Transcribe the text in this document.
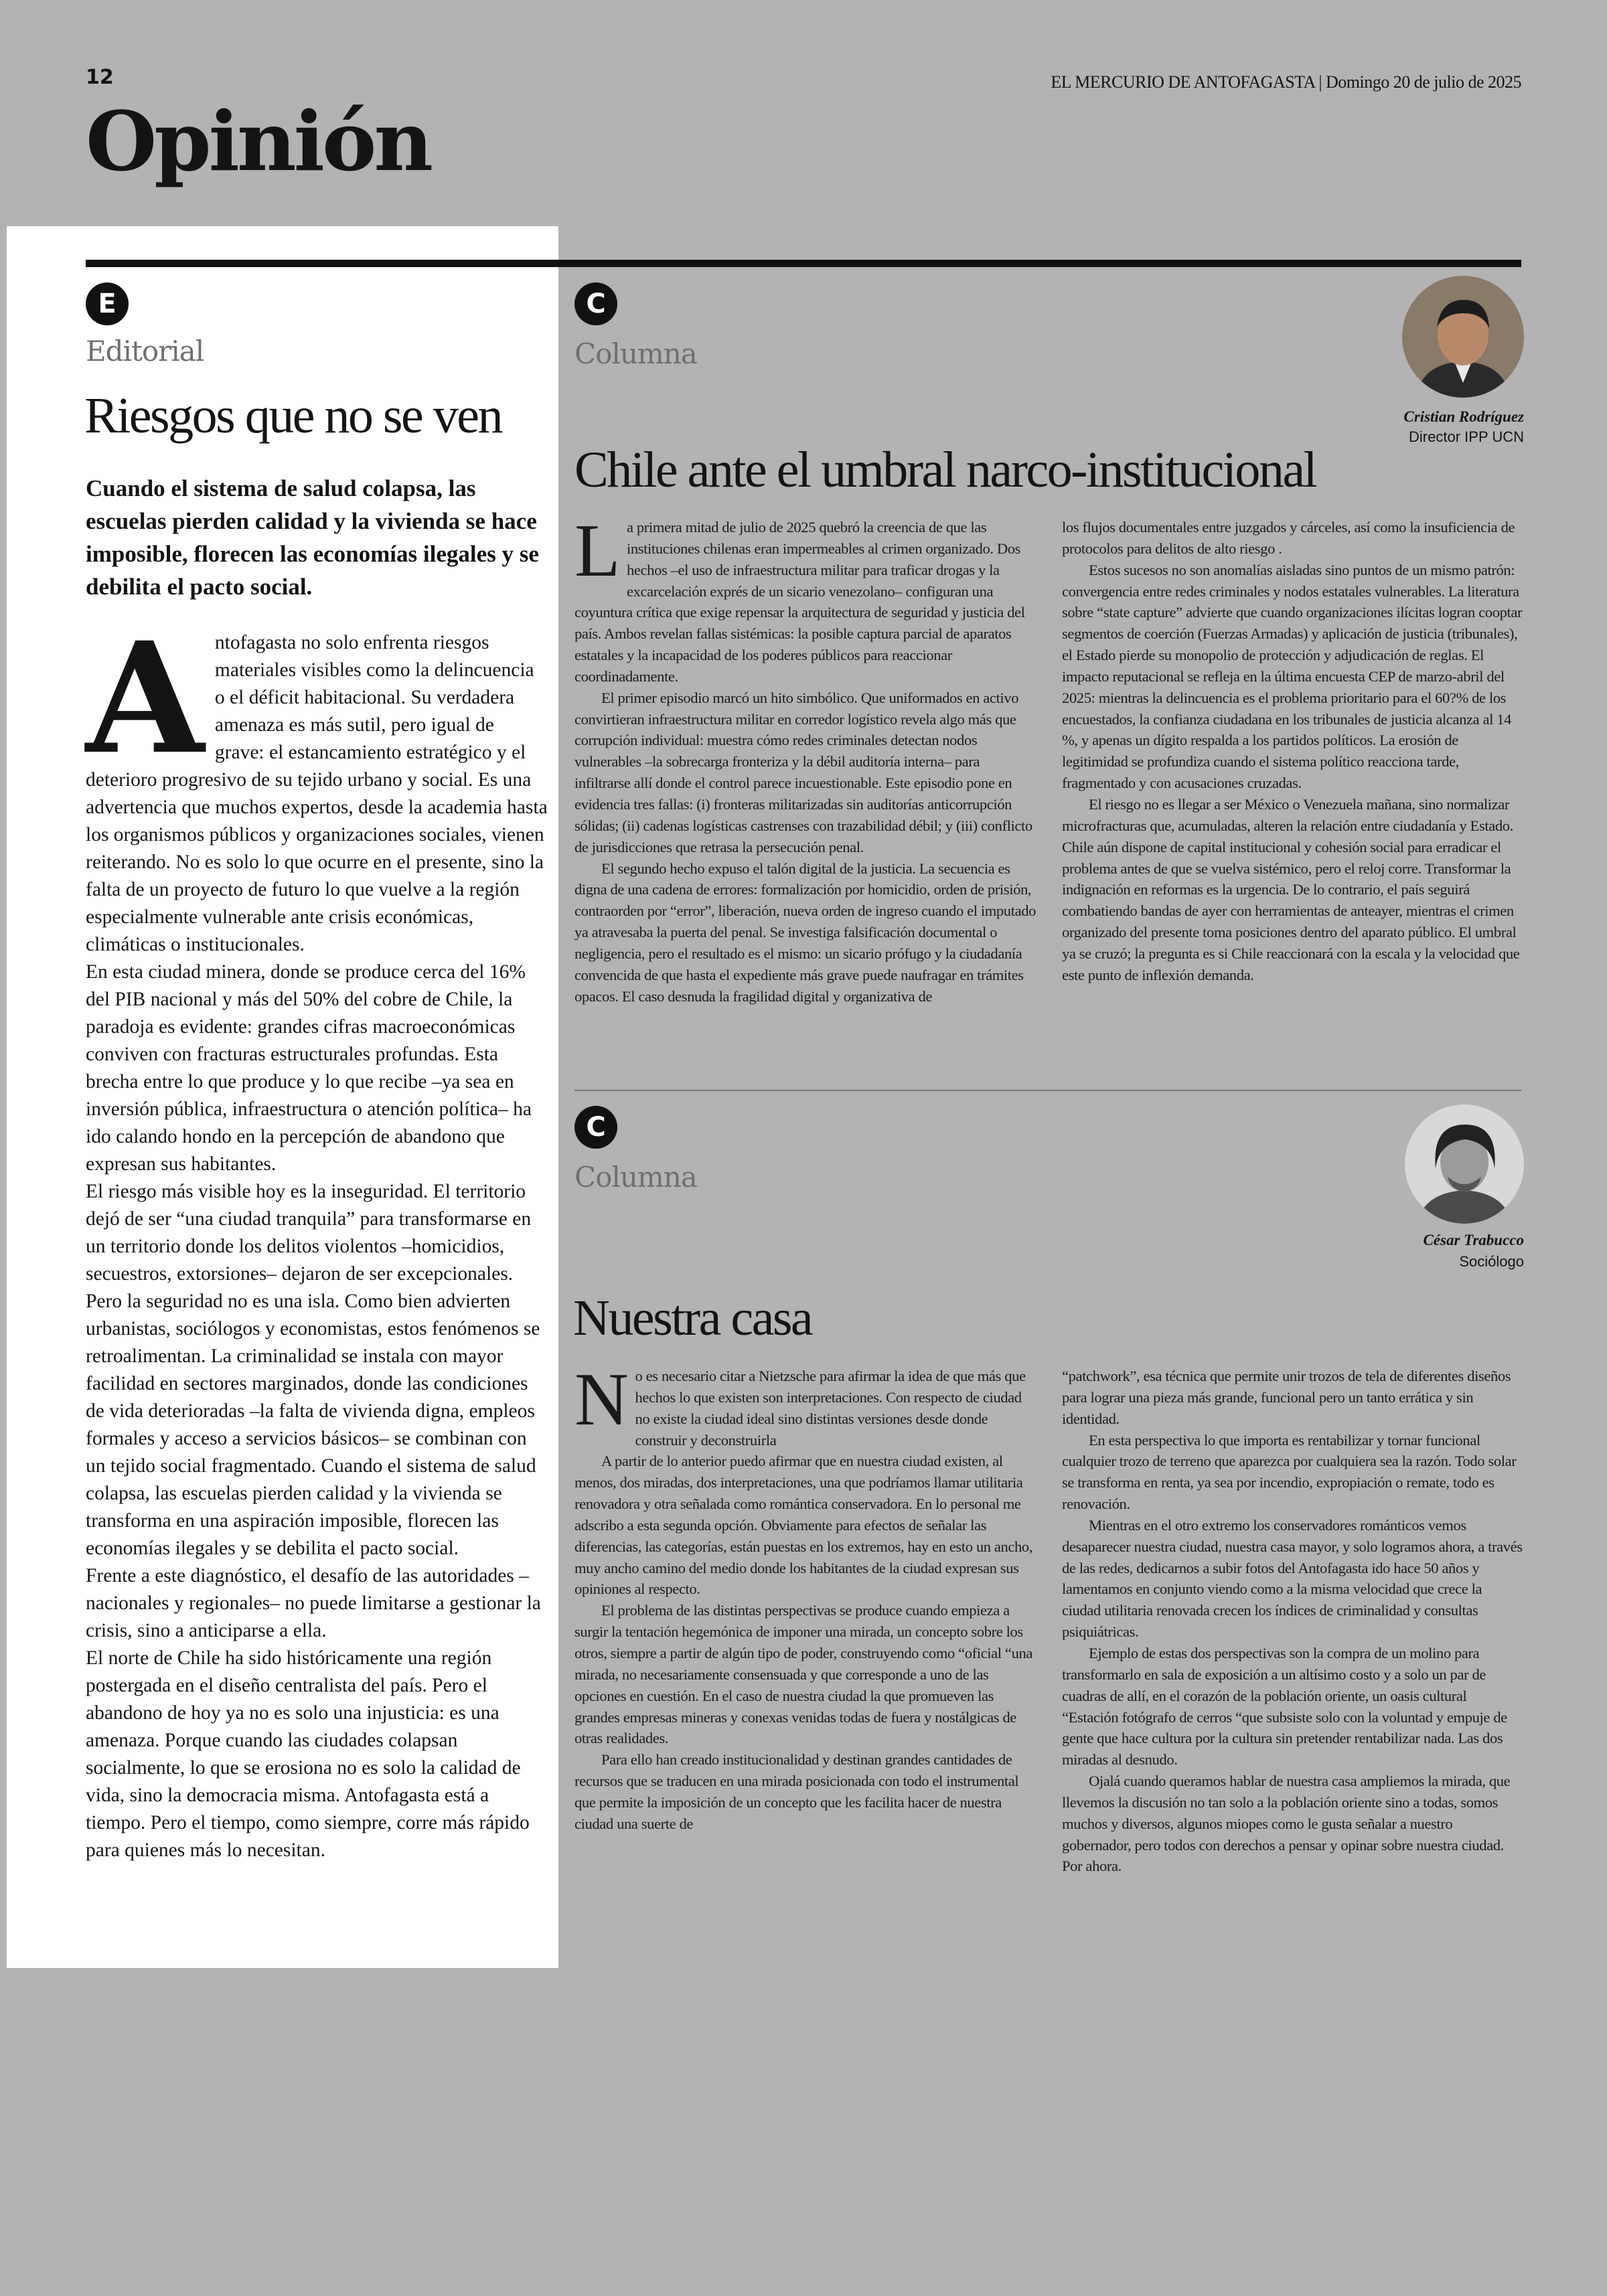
12	EL MERCURIO DE ANTOFAGASTA | Domingo 20 de julio de 2025
Opinión
E
Editorial
Riesgos que no se ven
Cuando el sistema de salud colapsa, las escuelas pierden calidad y la vivienda se hace imposible, florecen las economías ilegales y se debilita el pacto social.
A ntofagasta no solo enfrenta riesgos materiales visibles como la delincuencia o el déficit habitacional. Su verdadera amenaza es más sutil, pero igual de grave: el estancamiento estratégico y el deterioro progresivo de su tejido urbano y social. Es una advertencia que muchos expertos, desde la academia hasta los organismos públicos y organizaciones sociales, vienen reiterando. No es solo lo que ocurre en el presente, sino la falta de un proyecto de futuro lo que vuelve a la región especialmente vulnerable ante crisis económicas, climáticas o institucionales.

En esta ciudad minera, donde se produce cerca del 16% del PIB nacional y más del 50% del cobre de Chile, la paradoja es evidente: grandes cifras macroeconómicas conviven con fracturas estructurales profundas. Esta brecha entre lo que produce y lo que recibe –ya sea en inversión pública, infraestructura o atención política– ha ido calando hondo en la percepción de abandono que expresan sus habitantes.

El riesgo más visible hoy es la inseguridad. El territorio dejó de ser “una ciudad tranquila” para transformarse en un territorio donde los delitos violentos –homicidios, secuestros, extorsiones– dejaron de ser excepcionales.

Pero la seguridad no es una isla. Como bien advierten urbanistas, sociólogos y economistas, estos fenómenos se retroalimentan. La criminalidad se instala con mayor facilidad en sectores marginados, donde las condiciones de vida deterioradas –la falta de vivienda digna, empleos formales y acceso a servicios básicos– se combinan con un tejido social fragmentado. Cuando el sistema de salud colapsa, las escuelas pierden calidad y la vivienda se transforma en una aspiración imposible, florecen las economías ilegales y se debilita el pacto social.

Frente a este diagnóstico, el desafío de las autoridades –nacionales y regionales– no puede limitarse a gestionar la crisis, sino a anticiparse a ella.

El norte de Chile ha sido históricamente una región postergada en el diseño centralista del país. Pero el abandono de hoy ya no es solo una injusticia: es una amenaza. Porque cuando las ciudades colapsan socialmente, lo que se erosiona no es solo la calidad de vida, sino la democracia misma. Antofagasta está a tiempo. Pero el tiempo, como siempre, corre más rápido para quienes más lo necesitan.

C
Columna
Cristian Rodríguez
Director IPP UCN
Chile ante el umbral narco-institucional
L a primera mitad de julio de 2025 quebró la creencia de que las instituciones chilenas eran impermeables al crimen organizado. Dos hechos –el uso de infraestructura militar para traficar drogas y la excarcelación exprés de un sicario venezolano– configuran una coyuntura crítica que exige repensar la arquitectura de seguridad y justicia del país. Ambos revelan fallas sistémicas: la posible captura parcial de aparatos estatales y la incapacidad de los poderes públicos para reaccionar coordinadamente.

El primer episodio marcó un hito simbólico. Que uniformados en activo convirtieran infraestructura militar en corredor logístico revela algo más que corrupción individual: muestra cómo redes criminales detectan nodos vulnerables –la sobrecarga fronteriza y la débil auditoría interna– para infiltrarse allí donde el control parece incuestionable. Este episodio pone en evidencia tres fallas: (i) fronteras militarizadas sin auditorías anticorrupción sólidas; (ii) cadenas logísticas castrenses con trazabilidad débil; y (iii) conflicto de jurisdicciones que retrasa la persecución penal.

El segundo hecho expuso el talón digital de la justicia. La secuencia es digna de una cadena de errores: formalización por homicidio, orden de prisión, contraorden por “error”, liberación, nueva orden de ingreso cuando el imputado ya atravesaba la puerta del penal. Se investiga falsificación documental o negligencia, pero el resultado es el mismo: un sicario prófugo y la ciudadanía convencida de que hasta el expediente más grave puede naufragar en trámites opacos. El caso desnuda la fragilidad digital y organizativa de

los flujos documentales entre juzgados y cárceles, así como la insuficiencia de protocolos para delitos de alto riesgo .

Estos sucesos no son anomalías aisladas sino puntos de un mismo patrón: convergencia entre redes criminales y nodos estatales vulnerables. La literatura sobre “state capture” advierte que cuando organizaciones ilícitas logran cooptar segmentos de coerción (Fuerzas Armadas) y aplicación de justicia (tribunales), el Estado pierde su monopolio de protección y adjudicación de reglas. El impacto reputacional se refleja en la última encuesta CEP de marzo-abril del 2025: mientras la delincuencia es el problema prioritario para el 60?% de los encuestados, la confianza ciudadana en los tribunales de justicia alcanza al 14 %, y apenas un dígito respalda a los partidos políticos. La erosión de legitimidad se profundiza cuando el sistema político reacciona tarde, fragmentado y con acusaciones cruzadas.

El riesgo no es llegar a ser México o Venezuela mañana, sino normalizar microfracturas que, acumuladas, alteren la relación entre ciudadanía y Estado. Chile aún dispone de capital institucional y cohesión social para erradicar el problema antes de que se vuelva sistémico, pero el reloj corre. Transformar la indignación en reformas es la urgencia. De lo contrario, el país seguirá combatiendo bandas de ayer con herramientas de anteayer, mientras el crimen organizado del presente toma posiciones dentro del aparato público. El umbral ya se cruzó; la pregunta es si Chile reaccionará con la escala y la velocidad que este punto de inflexión demanda.

C
Columna
César Trabucco
Sociólogo
Nuestra casa
N o es necesario citar a Nietzsche para afirmar la idea de que más que hechos lo que existen son interpretaciones. Con respecto de ciudad no existe la ciudad ideal sino distintas versiones desde donde construir y deconstruirla

A partir de lo anterior puedo afirmar que en nuestra ciudad existen, al menos, dos miradas, dos interpretaciones, una que podríamos llamar utilitaria renovadora y otra señalada como romántica conservadora. En lo personal me adscribo a esta segunda opción. Obviamente para efectos de señalar las diferencias, las categorías, están puestas en los extremos, hay en esto un ancho, muy ancho camino del medio donde los habitantes de la ciudad expresan sus opiniones al respecto.

El problema de las distintas perspectivas se produce cuando empieza a surgir la tentación hegemónica de imponer una mirada, un concepto sobre los otros, siempre a partir de algún tipo de poder, construyendo como “oficial “una mirada, no necesariamente consensuada y que corresponde a uno de las opciones en cuestión. En el caso de nuestra ciudad la que promueven las grandes empresas mineras y conexas venidas todas de fuera y nostálgicas de otras realidades.

Para ello han creado institucionalidad y destinan grandes cantidades de recursos que se traducen en una mirada posicionada con todo el instrumental que permite la imposición de un concepto que les facilita hacer de nuestra ciudad una suerte de

“patchwork”, esa técnica que permite unir trozos de tela de diferentes diseños para lograr una pieza más grande, funcional pero un tanto errática y sin identidad.

En esta perspectiva lo que importa es rentabilizar y tornar funcional cualquier trozo de terreno que aparezca por cualquiera sea la razón. Todo solar se transforma en renta, ya sea por incendio, expropiación o remate, todo es renovación.

Mientras en el otro extremo los conservadores románticos vemos desaparecer nuestra ciudad, nuestra casa mayor, y solo logramos ahora, a través de las redes, dedicarnos a subir fotos del Antofagasta ido hace 50 años y lamentamos en conjunto viendo como a la misma velocidad que crece la ciudad utilitaria renovada crecen los índices de criminalidad y consultas psiquiátricas.

Ejemplo de estas dos perspectivas son la compra de un molino para transformarlo en sala de exposición a un altísimo costo y a solo un par de cuadras de allí, en el corazón de la población oriente, un oasis cultural “Estación fotógrafo de cerros “que subsiste solo con la voluntad y empuje de gente que hace cultura por la cultura sin pretender rentabilizar nada. Las dos miradas al desnudo.

Ojalá cuando queramos hablar de nuestra casa ampliemos la mirada, que llevemos la discusión no tan solo a la población oriente sino a todas, somos muchos y diversos, algunos miopes como le gusta señalar a nuestro gobernador, pero todos con derechos a pensar y opinar sobre nuestra ciudad. Por ahora.
